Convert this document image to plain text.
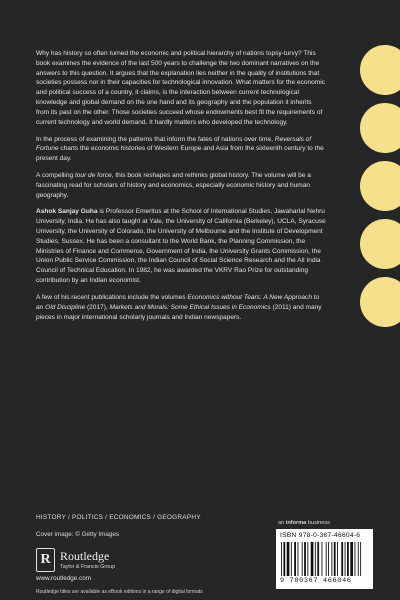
Why has history so often turned the economic and political hierarchy of nations topsy-turvy? This book examines the evidence of the last 500 years to challenge the two dominant narratives on the answers to this question. It argues that the explanation lies neither in the quality of institutions that societies possess nor in their capacities for technological innovation. What matters for the economic and political success of a country, it claims, is the interaction between current technological knowledge and global demand on the one hand and its geography and the population it inherits from its past on the other. Those societies succeed whose endowments best fit the requirements of current technology and world demand. It hardly matters who developed the technology.

In the process of examining the patterns that inform the fates of nations over time, Reversals of Fortune charts the economic histories of Western Europe and Asia from the sixteenth century to the present day.

A compelling tour de force, this book reshapes and rethinks global history. The volume will be a fascinating read for scholars of history and economics, especially economic history and human geography.

Ashok Sanjay Guha is Professor Emeritus at the School of International Studies, Jawaharlal Nehru University, India. He has also taught at Yale, the University of California (Berkeley), UCLA, Syracuse University, the University of Colorado, the University of Melbourne and the Institute of Development Studies, Sussex. He has been a consultant to the World Bank, the Planning Commission, the Ministries of Finance and Commerce, Government of India, the University Grants Commission, the Union Public Service Commission, the Indian Council of Social Science Research and the All India Council of Technical Education. In 1982, he was awarded the VKRV Rao Prize for outstanding contribution by an Indian economist.

A few of his recent publications include the volumes Economics without Tears: A New Approach to an Old Discipline (2017), Markets and Morals: Some Ethical Issues in Economics (2011) and many pieces in major international scholarly journals and Indian newspapers.

HISTORY / POLITICS / ECONOMICS / GEOGRAPHY
Cover image: © Getty Images
R Routledge
Taylor & Francis Group
www.routledge.com
Routledge titles are available as eBook editions in a range of digital formats
an informa business
ISBN 978-0-367-46604-6
9 780367 466046
